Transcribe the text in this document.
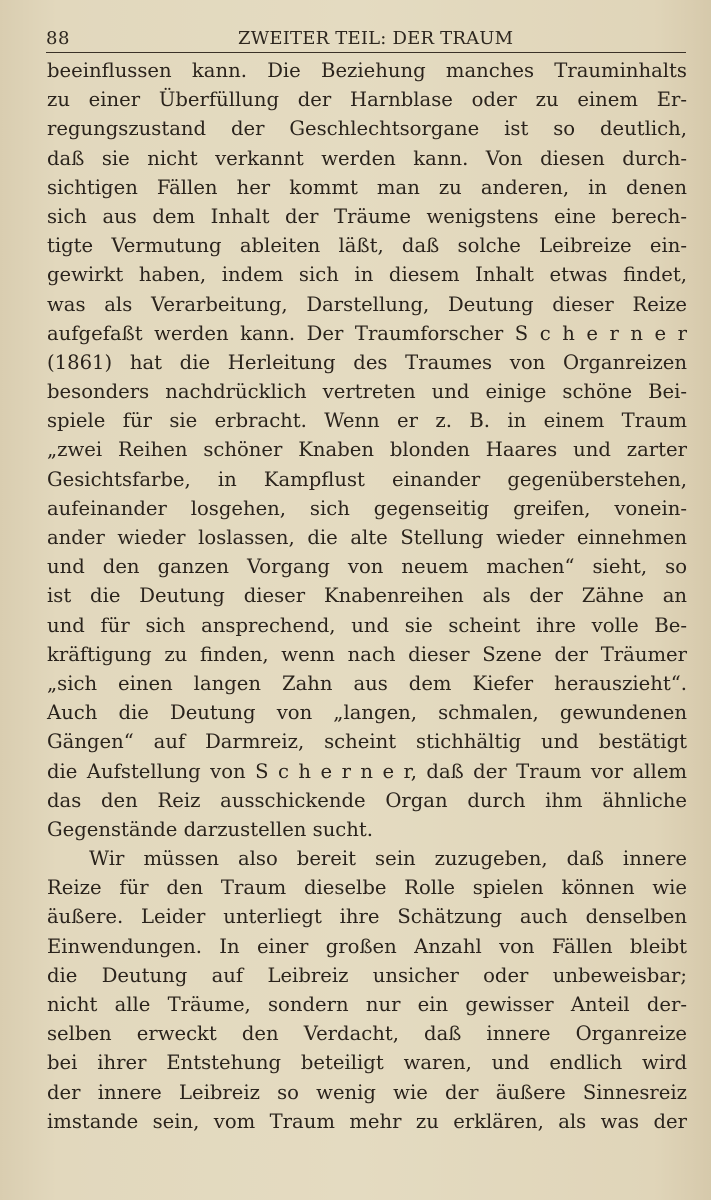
88	ZWEITER TEIL: DER TRAUM
beeinflussen kann. Die Beziehung manches Trauminhalts
zu einer Überfüllung der Harnblase oder zu einem Er-
regungszustand der Geschlechtsorgane ist so deutlich,
daß sie nicht verkannt werden kann. Von diesen durch-
sichtigen Fällen her kommt man zu anderen, in denen
sich aus dem Inhalt der Träume wenigstens eine berech-
tigte Vermutung ableiten läßt, daß solche Leibreize ein-
gewirkt haben, indem sich in diesem Inhalt etwas findet,
was als Verarbeitung, Darstellung, Deutung dieser Reize
aufgefaßt werden kann. Der Traumforscher S c h e r n e r
(1861) hat die Herleitung des Traumes von Organreizen
besonders nachdrücklich vertreten und einige schöne Bei-
spiele für sie erbracht. Wenn er z. B. in einem Traum
„zwei Reihen schöner Knaben blonden Haares und zarter
Gesichtsfarbe, in Kampflust einander gegenüberstehen,
aufeinander losgehen, sich gegenseitig greifen, vonein-
ander wieder loslassen, die alte Stellung wieder einnehmen
und den ganzen Vorgang von neuem machen“ sieht, so
ist die Deutung dieser Knabenreihen als der Zähne an
und für sich ansprechend, und sie scheint ihre volle Be-
kräftigung zu finden, wenn nach dieser Szene der Träumer
„sich einen langen Zahn aus dem Kiefer herauszieht“.
Auch die Deutung von „langen, schmalen, gewundenen
Gängen“ auf Darmreiz, scheint stichhältig und bestätigt
die Aufstellung von S c h e r n e r, daß der Traum vor allem
das den Reiz ausschickende Organ durch ihm ähnliche
Gegenstände darzustellen sucht.
Wir müssen also bereit sein zuzugeben, daß innere
Reize für den Traum dieselbe Rolle spielen können wie
äußere. Leider unterliegt ihre Schätzung auch denselben
Einwendungen. In einer großen Anzahl von Fällen bleibt
die Deutung auf Leibreiz unsicher oder unbeweisbar;
nicht alle Träume, sondern nur ein gewisser Anteil der-
selben erweckt den Verdacht, daß innere Organreize
bei ihrer Entstehung beteiligt waren, und endlich wird
der innere Leibreiz so wenig wie der äußere Sinnesreiz
imstande sein, vom Traum mehr zu erklären, als was der
